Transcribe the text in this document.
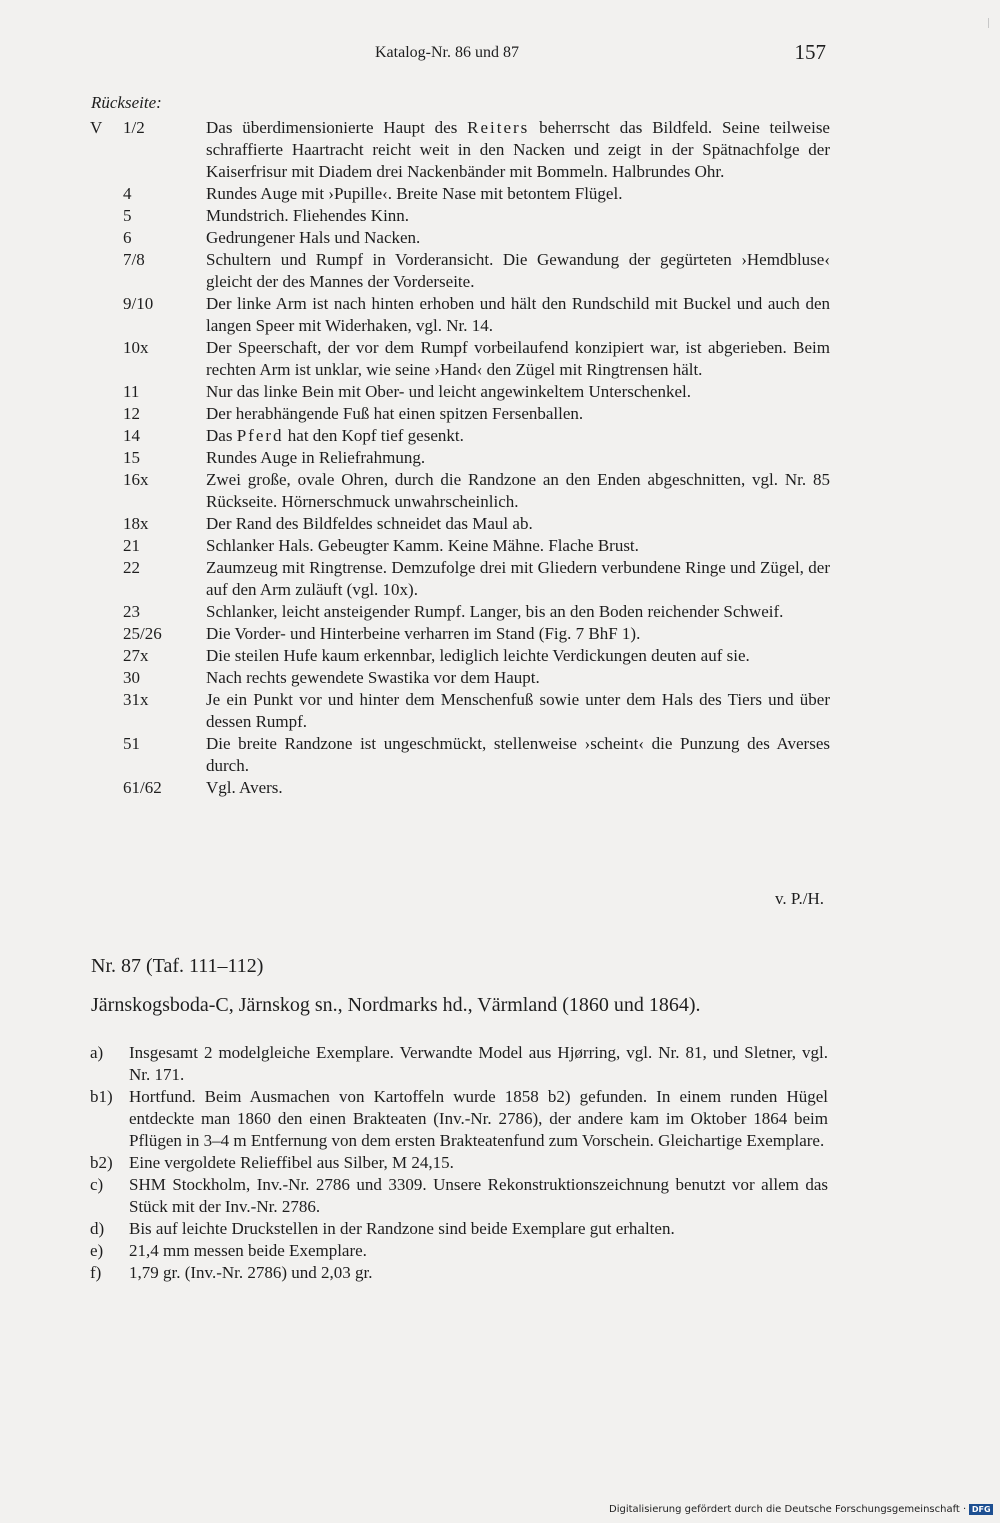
Katalog-Nr. 86 und 87	157
Rückseite:
V	1/2	Das überdimensionierte Haupt des Reiters beherrscht das Bildfeld. Seine teilweise schraffierte Haartracht reicht weit in den Nacken und zeigt in der Spätnachfolge der Kaiserfrisur mit Diadem drei Nackenbänder mit Bommeln. Halbrundes Ohr.
4	Rundes Auge mit ›Pupille‹. Breite Nase mit betontem Flügel.
5	Mundstrich. Fliehendes Kinn.
6	Gedrungener Hals und Nacken.
7/8	Schultern und Rumpf in Vorderansicht. Die Gewandung der gegürteten ›Hemdbluse‹ gleicht der des Mannes der Vorderseite.
9/10	Der linke Arm ist nach hinten erhoben und hält den Rundschild mit Buckel und auch den langen Speer mit Widerhaken, vgl. Nr. 14.
10x	Der Speerschaft, der vor dem Rumpf vorbeilaufend konzipiert war, ist abgerieben. Beim rechten Arm ist unklar, wie seine ›Hand‹ den Zügel mit Ringtrensen hält.
11	Nur das linke Bein mit Ober- und leicht angewinkeltem Unterschenkel.
12	Der herabhängende Fuß hat einen spitzen Fersenballen.
14	Das Pferd hat den Kopf tief gesenkt.
15	Rundes Auge in Reliefrahmung.
16x	Zwei große, ovale Ohren, durch die Randzone an den Enden abgeschnitten, vgl. Nr. 85 Rückseite. Hörnerschmuck unwahrscheinlich.
18x	Der Rand des Bildfeldes schneidet das Maul ab.
21	Schlanker Hals. Gebeugter Kamm. Keine Mähne. Flache Brust.
22	Zaumzeug mit Ringtrense. Demzufolge drei mit Gliedern verbundene Ringe und Zügel, der auf den Arm zuläuft (vgl. 10x).
23	Schlanker, leicht ansteigender Rumpf. Langer, bis an den Boden reichender Schweif.
25/26	Die Vorder- und Hinterbeine verharren im Stand (Fig. 7 BhF 1).
27x	Die steilen Hufe kaum erkennbar, lediglich leichte Verdickungen deuten auf sie.
30	Nach rechts gewendete Swastika vor dem Haupt.
31x	Je ein Punkt vor und hinter dem Menschenfuß sowie unter dem Hals des Tiers und über dessen Rumpf.
51	Die breite Randzone ist ungeschmückt, stellenweise ›scheint‹ die Punzung des Averses durch.
61/62	Vgl. Avers.
v. P./H.
Nr. 87 (Taf. 111–112)
Järnskogsboda-C, Järnskog sn., Nordmarks hd., Värmland (1860 und 1864).
a)	Insgesamt 2 modelgleiche Exemplare. Verwandte Model aus Hjørring, vgl. Nr. 81, und Sletner, vgl. Nr. 171.
b1) Hortfund. Beim Ausmachen von Kartoffeln wurde 1858 b2) gefunden. In einem runden Hügel entdeckte man 1860 den einen Brakteaten (Inv.-Nr. 2786), der andere kam im Oktober 1864 beim Pflügen in 3–4 m Entfernung von dem ersten Brakteatenfund zum Vorschein. Gleichartige Exemplare.
b2) Eine vergoldete Relieffibel aus Silber, M 24,15.
c)	SHM Stockholm, Inv.-Nr. 2786 und 3309. Unsere Rekonstruktionszeichnung benutzt vor allem das Stück mit der Inv.-Nr. 2786.
d)	Bis auf leichte Druckstellen in der Randzone sind beide Exemplare gut erhalten.
e)	21,4 mm messen beide Exemplare.
f)	1,79 gr. (Inv.-Nr. 2786) und 2,03 gr.
Digitalisierung gefördert durch die Deutsche Forschungsgemeinschaft · DFG
